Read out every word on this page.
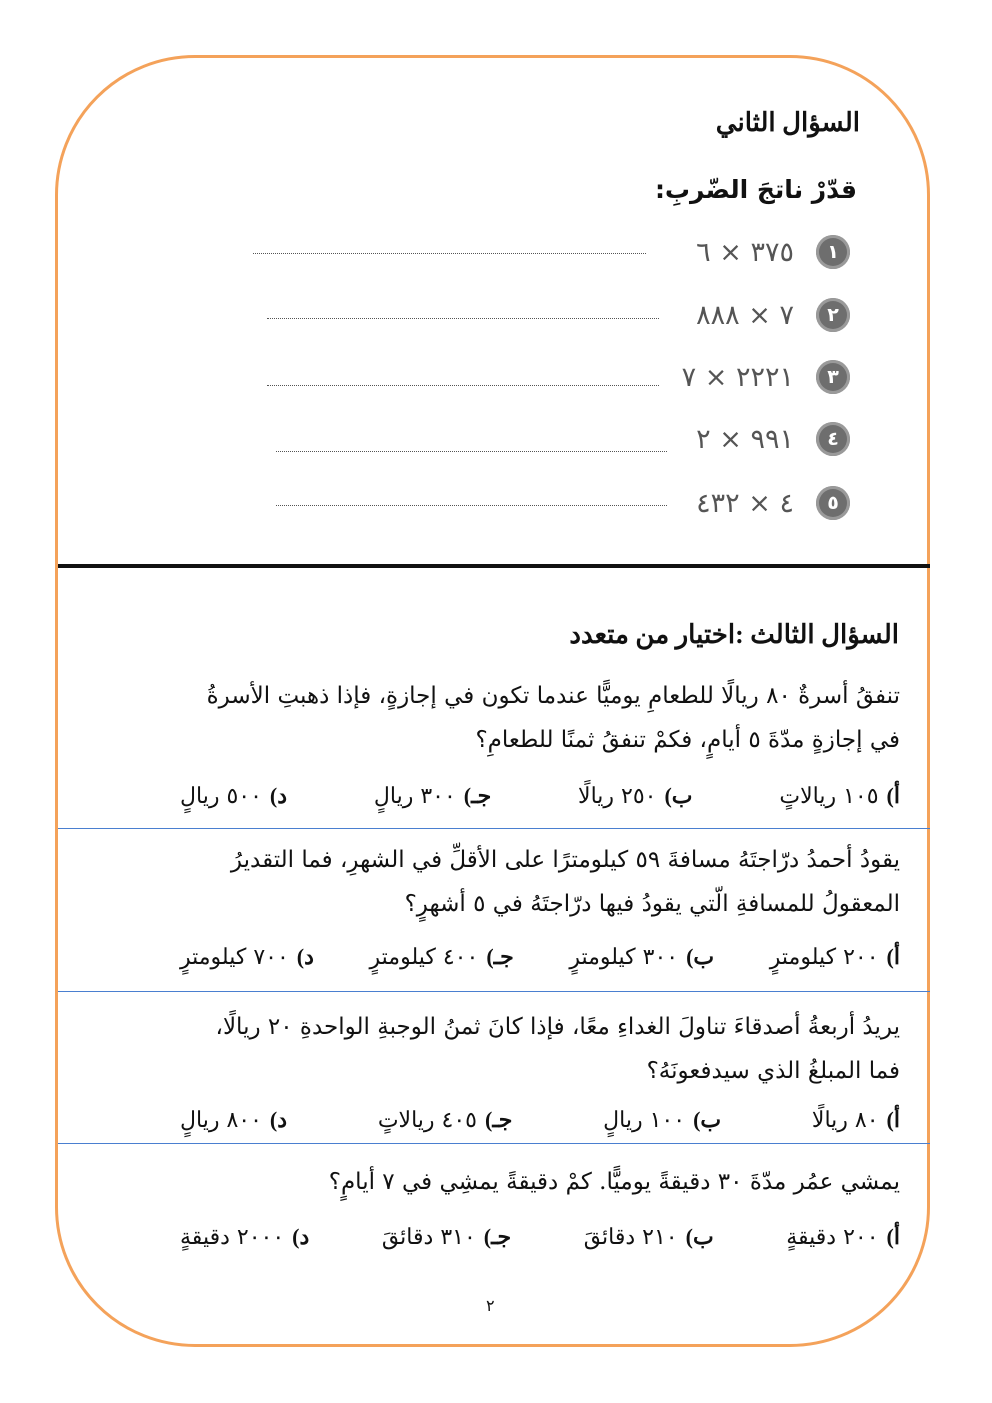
السؤال الثاني
قدّرْ ناتجَ الضّربِ:
١
٣٧٥ × ٦
٢
٧ × ٨٨٨
٣
٢٢٢١ × ٧
٤
٩٩١ × ٢
٥
٤ × ٤٣٢
السؤال الثالث :اختيار من متعدد
تنفقُ أسرةٌ ٨٠ ريالًا للطعامِ يوميًّا عندما تكون في إجازةٍ، فإذا ذهبتِ الأسرةُ في إجازةٍ مدّةَ ٥ أيامٍ، فكمْ تنفقُ ثمنًا للطعامِ؟
أ)١٠٥ ريالاتٍ
ب)٢٥٠ ريالًا
جـ)٣٠٠ ريالٍ
د)٥٠٠ ريالٍ
يقودُ أحمدُ درّاجتَهُ مسافةَ ٥٩ كيلومترًا على الأقلِّ في الشهرِ، فما التقديرُ المعقولُ للمسافةِ الّتي يقودُ فيها درّاجتَهُ في ٥ أشهرٍ؟
أ)٢٠٠ كيلومترٍ
ب)٣٠٠ كيلومترٍ
جـ)٤٠٠ كيلومترٍ
د)٧٠٠ كيلومترٍ
يريدُ أربعةُ أصدقاءَ تناولَ الغداءِ معًا، فإذا كانَ ثمنُ الوجبةِ الواحدةِ ٢٠ ريالًا، فما المبلغُ الذي سيدفعونَهُ؟
أ)٨٠ ريالًا
ب)١٠٠ ريالٍ
جـ)٤٠٥ ريالاتٍ
د)٨٠٠ ريالٍ
يمشي عمُر مدّةَ ٣٠ دقيقةً يوميًّا. كمْ دقيقةً يمشِي في ٧ أيامٍ؟
أ)٢٠٠ دقيقةٍ
ب)٢١٠ دقائقَ
جـ)٣١٠ دقائقَ
د)٢٠٠٠ دقيقةٍ
٢
